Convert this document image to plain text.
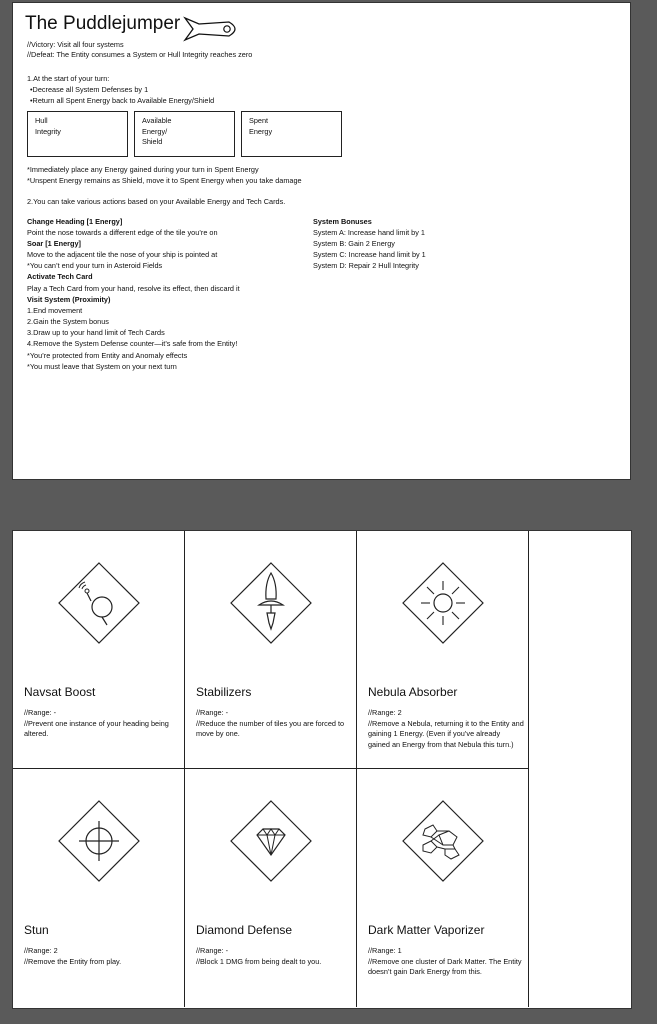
The Puddlejumper
//Victory: Visit all four systems
//Defeat: The Entity consumes a System or Hull Integrity reaches zero
1.At the start of your turn:
•Decrease all System Defenses by 1
•Return all Spent Energy back to Available Energy/Shield
Hull
Integrity
Available
Energy/
Shield
Spent
Energy
*Immediately place any Energy gained during your turn in Spent Energy
*Unspent Energy remains as Shield, move it to Spent Energy when you take damage
2.You can take various actions based on your Available Energy and Tech Cards.
Change Heading [1 Energy]
Point the nose towards a different edge of the tile you’re on
Soar [1 Energy]
Move to the adjacent tile the nose of your ship is pointed at
*You can’t end your turn in Asteroid Fields
Activate Tech Card
Play a Tech Card from your hand, resolve its effect, then discard it
Visit System (Proximity)
1.End movement
2.Gain the System bonus
3.Draw up to your hand limit of Tech Cards
4.Remove the System Defense counter—it’s safe from the Entity!
*You’re protected from Entity and Anomaly effects
*You must leave that System on your next turn
System Bonuses
System A: Increase hand limit by 1
System B: Gain 2 Energy
System C: Increase hand limit by 1
System D: Repair 2 Hull Integrity
Navsat Boost
//Range: -
//Prevent one instance of your heading being altered.
Stabilizers
//Range: -
//Reduce the number of tiles you are forced to move by one.
Nebula Absorber
//Range: 2
//Remove a Nebula, returning it to the Entity and gaining 1 Energy. (Even if you’ve already gained an Energy from that Nebula this turn.)
Stun
//Range: 2
//Remove the Entity from play.
Diamond Defense
//Range: -
//Block 1 DMG from being dealt to you.
Dark Matter Vaporizer
//Range: 1
//Remove one cluster of Dark Matter. The Entity doesn’t gain Dark Energy from this.
